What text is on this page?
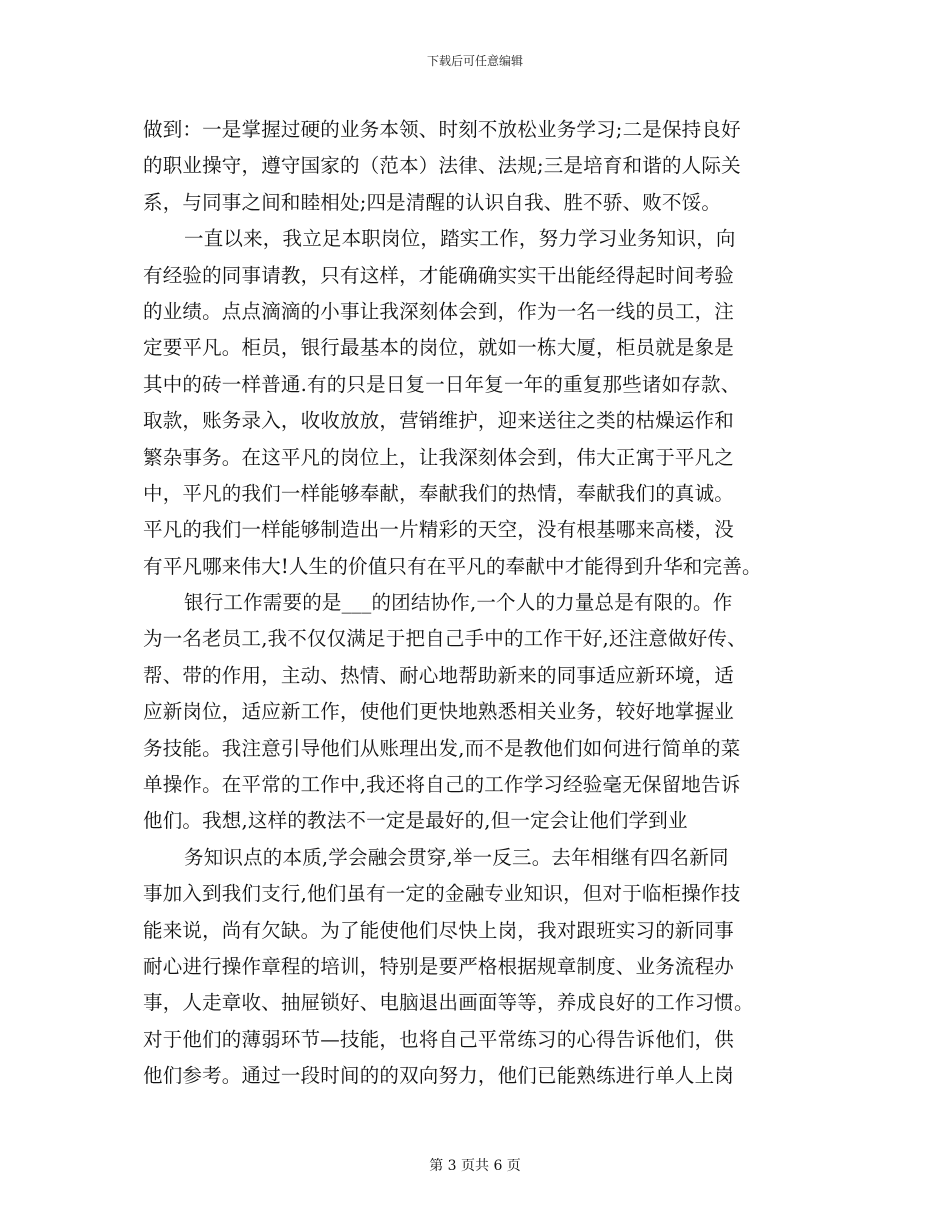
下载后可任意编辑

做到：一是掌握过硬的业务本领、时刻不放松业务学习;二是保持良好
的职业操守，遵守国家的（范本）法律、法规;三是培育和谐的人际关
系，与同事之间和睦相处;四是清醒的认识自我、胜不骄、败不馁。

一直以来，我立足本职岗位，踏实工作，努力学习业务知识，向
有经验的同事请教，只有这样，才能确确实实干出能经得起时间考验
的业绩。点点滴滴的小事让我深刻体会到，作为一名一线的员工，注
定要平凡。柜员，银行最基本的岗位，就如一栋大厦，柜员就是象是
其中的砖一样普通.有的只是日复一日年复一年的重复那些诸如存款、
取款，账务录入，收收放放，营销维护，迎来送往之类的枯燥运作和
繁杂事务。在这平凡的岗位上，让我深刻体会到，伟大正寓于平凡之
中，平凡的我们一样能够奉献，奉献我们的热情，奉献我们的真诚。
平凡的我们一样能够制造出一片精彩的天空，没有根基哪来高楼，没
有平凡哪来伟大!人生的价值只有在平凡的奉献中才能得到升华和完善。

银行工作需要的是___的团结协作,一个人的力量总是有限的。作
为一名老员工,我不仅仅满足于把自己手中的工作干好,还注意做好传、
帮、带的作用，主动、热情、耐心地帮助新来的同事适应新环境，适
应新岗位，适应新工作，使他们更快地熟悉相关业务，较好地掌握业
务技能。我注意引导他们从账理出发,而不是教他们如何进行简单的菜
单操作。在平常的工作中,我还将自己的工作学习经验毫无保留地告诉
他们。我想,这样的教法不一定是最好的,但一定会让他们学到业

务知识点的本质,学会融会贯穿,举一反三。去年相继有四名新同
事加入到我们支行,他们虽有一定的金融专业知识，但对于临柜操作技
能来说，尚有欠缺。为了能使他们尽快上岗，我对跟班实习的新同事
耐心进行操作章程的培训，特别是要严格根据规章制度、业务流程办
事，人走章收、抽屉锁好、电脑退出画面等等，养成良好的工作习惯。
对于他们的薄弱环节—技能，也将自己平常练习的心得告诉他们，供
他们参考。通过一段时间的的双向努力，他们已能熟练进行单人上岗

第 3 页共 6 页
